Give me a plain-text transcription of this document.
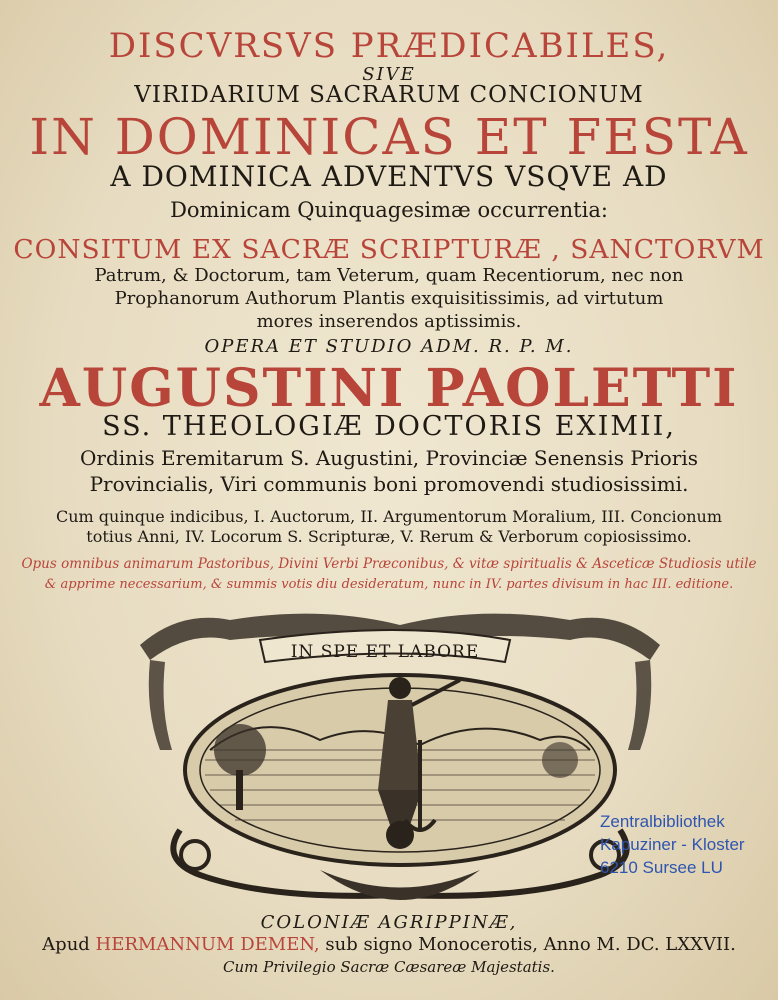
DISCVRSVS PRÆDICABILES,
SIVE
VIRIDARIUM SACRARUM CONCIONUM
IN DOMINICAS ET FESTA
A DOMINICA ADVENTVS VSQVE AD
Dominicam Quinquagesimæ occurrentia:
CONSITUM EX SACRÆ SCRIPTURÆ , SANCTORVM
Patrum, & Doctorum, tam Veterum, quam Recentiorum, nec non
Prophanorum Authorum Plantis exquisitissimis, ad virtutum
mores inserendos aptissimis.
OPERA ET STUDIO ADM. R. P. M.
AUGUSTINI PAOLETTI
SS. THEOLOGIÆ DOCTORIS EXIMII,
Ordinis Eremitarum S. Augustini, Provinciæ Senensis Prioris
Provincialis, Viri communis boni promovendi studiosissimi.
Cum quinque indicibus, I. Auctorum, II. Argumentorum Moralium, III. Concionum
totius Anni, IV. Locorum S. Scripturæ, V. Rerum & Verborum copiosissimo.
Opus omnibus animarum Pastoribus, Divini Verbi Præconibus, & vitæ spiritualis & Asceticæ Studiosis utile
& apprime necessarium, & summis votis diu desideratum, nunc in IV. partes divisum in hac III. editione.
IN SPE ET LABORE
COLONIÆ AGRIPPINÆ,
Apud HERMANNUM DEMEN, sub signo Monocerotis, Anno M. DC. LXXVII.
Cum Privilegio Sacræ Cæsareæ Majestatis.
Zentralbibliothek
Kapuziner - Kloster
6210 Sursee LU
